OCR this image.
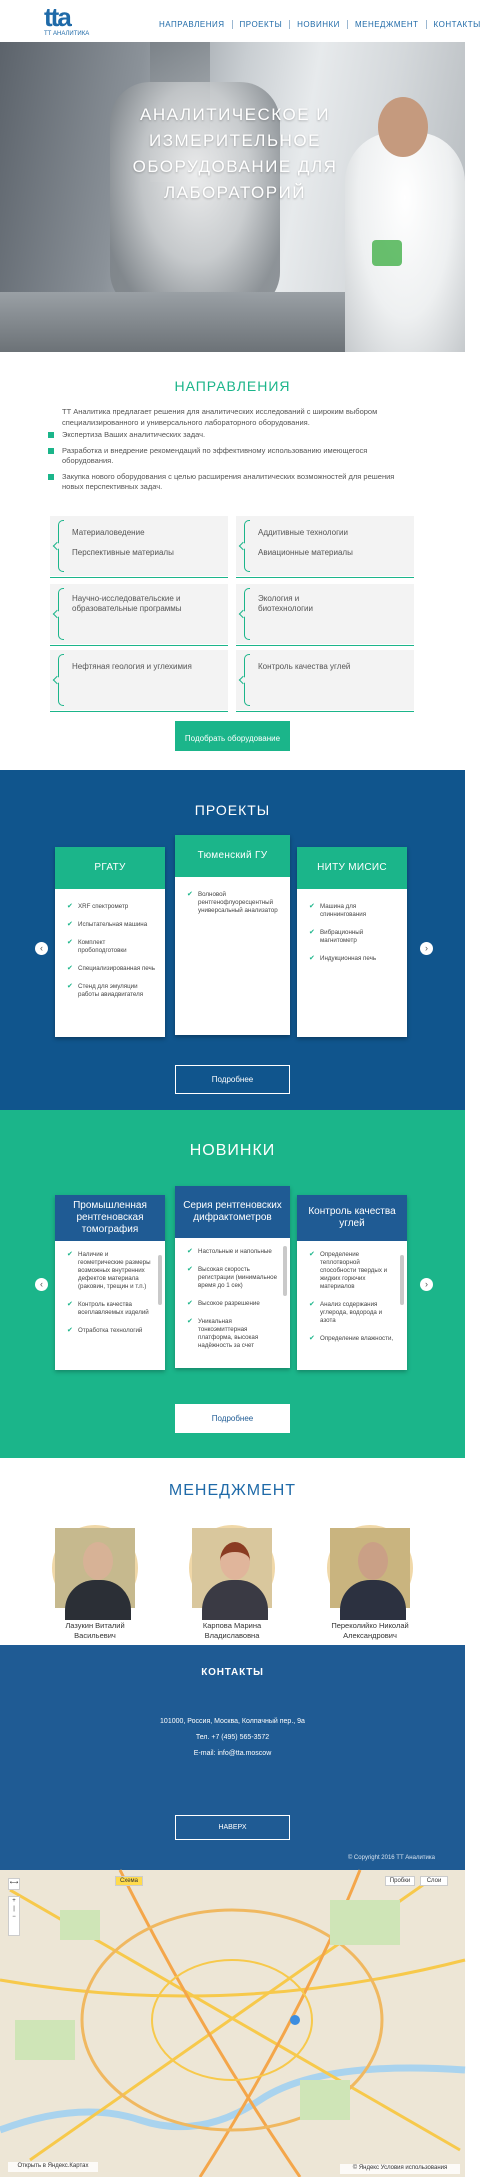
tta
ТТ АНАЛИТИКА
НАПРАВЛЕНИЯ	ПРОЕКТЫ	НОВИНКИ	МЕНЕДЖМЕНТ	КОНТАКТЫ
АНАЛИТИЧЕСКОЕ И ИЗМЕРИТЕЛЬНОЕ
ОБОРУДОВАНИЕ ДЛЯ ЛАБОРАТОРИЙ
НАПРАВЛЕНИЯ
ТТ Аналитика предлагает решения для аналитических исследований с широким выбором специализированного и универсального лабораторного оборудования.
Экспертиза Ваших аналитических задач.
Разработка и внедрение рекомендаций по эффективному использованию имеющегося оборудования.
Закупка нового оборудования с целью расширения аналитических возможностей для решения новых перспективных задач.

Материаловедение

Перспективные материалы

Аддитивные технологии

Авиационные материалы

Научно-исследовательские и образовательные программы

Экология и биотехнологии

Нефтяная геология и углехимия	Контроль качества углей

Подобрать оборудование
ПРОЕКТЫ
РГАТУ
✔ XRF спектрометр
✔ Испытательная машина
✔ Комплект пробоподготовки
✔ Специализированная печь
✔ Стенд для эмуляции работы авиадвигателя
Тюменский ГУ
✔ Волновой рентгенофлуоресцентный универсальный анализатор
НИТУ МИСИС
✔ Машина для спиннингования
✔ Вибрационный магнитометр
✔ Индукционная печь
‹	›
Подробнее
НОВИНКИ
Промышленная рентгеновская томография
✔ Наличие и геометрические размеры возможных внутренних дефектов материала (раковин, трещин и т.п.)
✔ Контроль качества всеплавляемых изделий
✔ Отработка технологий
Серия рентгеновских дифрактометров
✔ Настольные и напольные
✔ Высокая скорость регистрации (минимальное время до 1 сек)
✔ Высокое разрешение
✔ Уникальная тонкоэмиттерная платформа, высокая надёжность за счет
Контроль качества углей
✔ Определение теплотворной способности твердых и жидких горючих материалов
✔ Анализ содержания углерода, водорода и азота
✔ Определение влажности,
‹	›
Подробнее
МЕНЕДЖМЕНТ
Лазукин Виталий
Васильевич
Карпова Марина
Владиславовна
Переколийко Николай
Александрович
КОНТАКТЫ
101000, Россия, Москва, Колпачный пер., 9а
Тел. +7 (495) 565-3572
E-mail: info@tta.moscow
НАВЕРХ
© Copyright 2016 ТТ Аналитика
⟷
+
|
−
Схема	Пробки	Слои
Открыть в Яндекс.Картах	© Яндекс Условия использования
